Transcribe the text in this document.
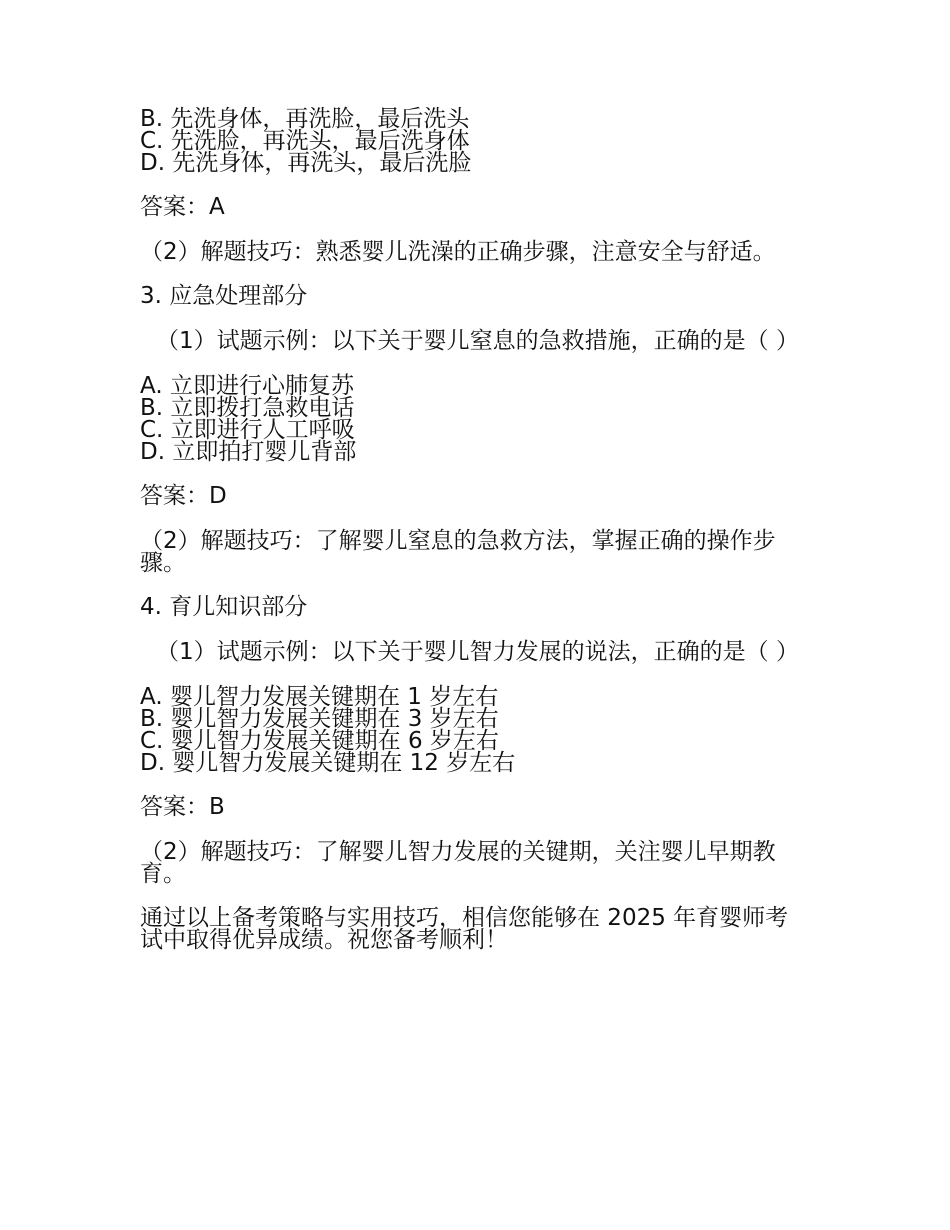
B. 先洗身体，再洗脸，最后洗头
C. 先洗脸，再洗头，最后洗身体
D. 先洗身体，再洗头，最后洗脸
答案：A
（2）解题技巧：熟悉婴儿洗澡的正确步骤，注意安全与舒适。
3. 应急处理部分
（1）试题示例：以下关于婴儿窒息的急救措施，正确的是（ ）
A. 立即进行心肺复苏
B. 立即拨打急救电话
C. 立即进行人工呼吸
D. 立即拍打婴儿背部
答案：D
（2）解题技巧：了解婴儿窒息的急救方法，掌握正确的操作步骤。
4. 育儿知识部分
（1）试题示例：以下关于婴儿智力发展的说法，正确的是（ ）
A. 婴儿智力发展关键期在 1 岁左右
B. 婴儿智力发展关键期在 3 岁左右
C. 婴儿智力发展关键期在 6 岁左右
D. 婴儿智力发展关键期在 12 岁左右
答案：B
（2）解题技巧：了解婴儿智力发展的关键期，关注婴儿早期教育。
通过以上备考策略与实用技巧，相信您能够在 2025 年育婴师考试中取得优异成绩。祝您备考顺利！
